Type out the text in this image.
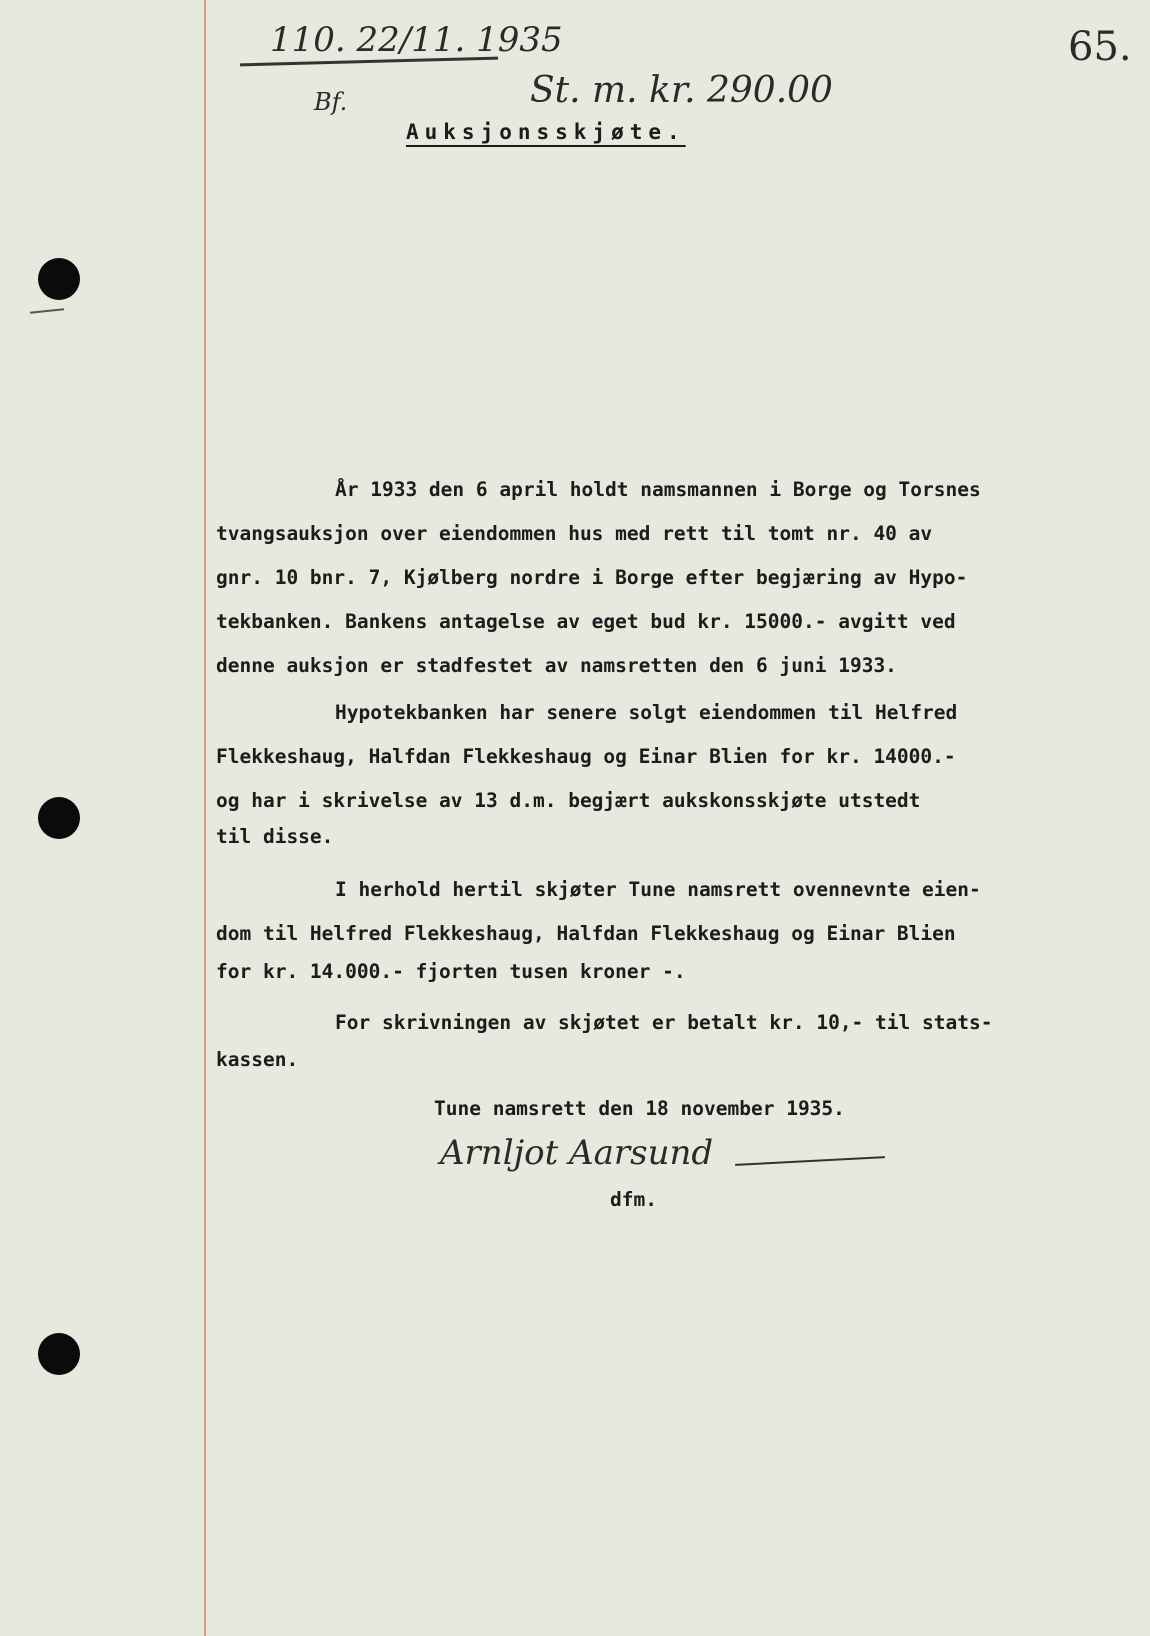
110. 22/11. 1935
St. m. kr. 290.00
65.
Bf.
Auksjonsskjøte.
År 1933 den 6 april holdt namsmannen i Borge og Torsnes
tvangsauksjon over eiendommen hus med rett til tomt nr. 40 av
gnr. 10 bnr. 7, Kjølberg nordre i Borge efter begjæring av Hypo-
tekbanken. Bankens antagelse av eget bud kr. 15000.- avgitt ved
denne auksjon er stadfestet av namsretten den 6 juni 1933.
Hypotekbanken har senere solgt eiendommen til Helfred
Flekkeshaug, Halfdan Flekkeshaug og Einar Blien for kr. 14000.-
og har i skrivelse av 13 d.m. begjært aukskonsskjøte utstedt
til disse.
I herhold hertil skjøter Tune namsrett ovennevnte eien-
dom til Helfred Flekkeshaug, Halfdan Flekkeshaug og Einar Blien
for kr. 14.000.- fjorten tusen kroner -.
For skrivningen av skjøtet er betalt kr. 10,- til stats-
kassen.
Tune namsrett den 18 november 1935.
Arnljot Aarsund
dfm.
